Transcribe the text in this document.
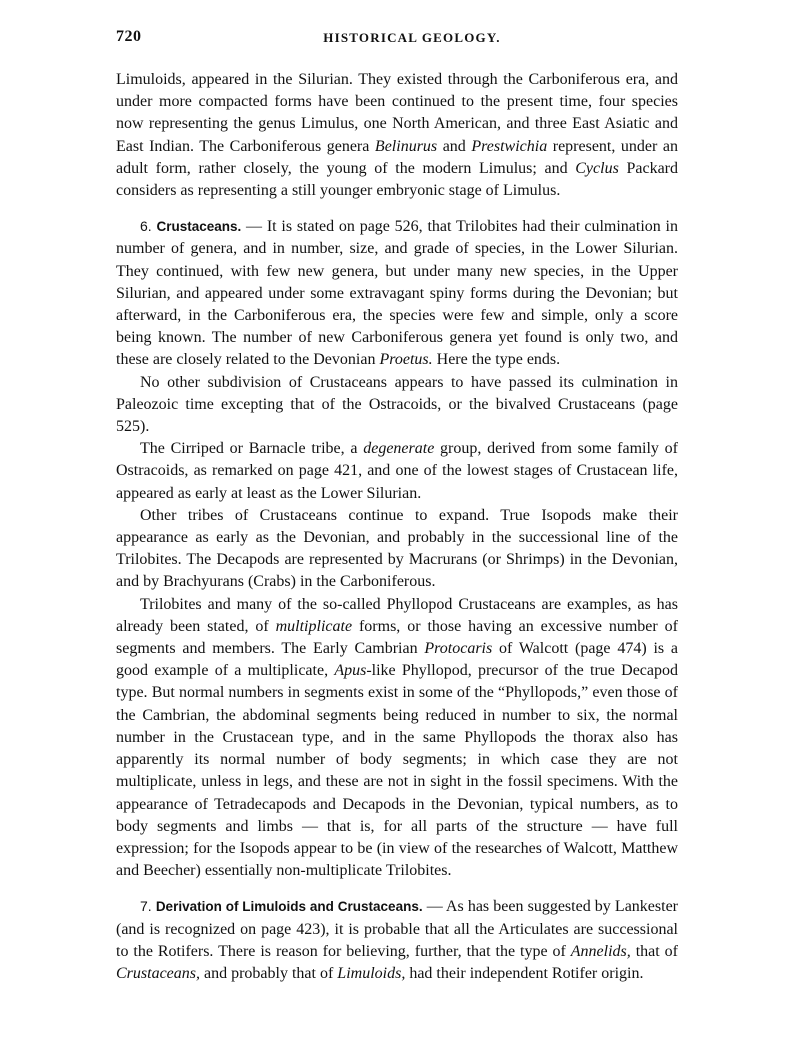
720	HISTORICAL GEOLOGY.

Limuloids, appeared in the Silurian. They existed through the Carboniferous era, and under more compacted forms have been continued to the present time, four species now representing the genus Limulus, one North American, and three East Asiatic and East Indian. The Carboniferous genera Belinurus and Prestwichia represent, under an adult form, rather closely, the young of the modern Limulus; and Cyclus Packard considers as representing a still younger embryonic stage of Limulus.

6. Crustaceans. — It is stated on page 526, that Trilobites had their culmination in number of genera, and in number, size, and grade of species, in the Lower Silurian. They continued, with few new genera, but under many new species, in the Upper Silurian, and appeared under some extravagant spiny forms during the Devonian; but afterward, in the Carboniferous era, the species were few and simple, only a score being known. The number of new Carboniferous genera yet found is only two, and these are closely related to the Devonian Proetus. Here the type ends.

No other subdivision of Crustaceans appears to have passed its culmination in Paleozoic time excepting that of the Ostracoids, or the bivalved Crustaceans (page 525).

The Cirriped or Barnacle tribe, a degenerate group, derived from some family of Ostracoids, as remarked on page 421, and one of the lowest stages of Crustacean life, appeared as early at least as the Lower Silurian.

Other tribes of Crustaceans continue to expand. True Isopods make their appearance as early as the Devonian, and probably in the successional line of the Trilobites. The Decapods are represented by Macrurans (or Shrimps) in the Devonian, and by Brachyurans (Crabs) in the Carboniferous.

Trilobites and many of the so-called Phyllopod Crustaceans are examples, as has already been stated, of multiplicate forms, or those having an excessive number of segments and members. The Early Cambrian Protocaris of Walcott (page 474) is a good example of a multiplicate, Apus-like Phyllopod, precursor of the true Decapod type. But normal numbers in segments exist in some of the “Phyllopods,” even those of the Cambrian, the abdominal segments being reduced in number to six, the normal number in the Crustacean type, and in the same Phyllopods the thorax also has apparently its normal number of body segments; in which case they are not multiplicate, unless in legs, and these are not in sight in the fossil specimens. With the appearance of Tetradecapods and Decapods in the Devonian, typical numbers, as to body segments and limbs — that is, for all parts of the structure — have full expression; for the Isopods appear to be (in view of the researches of Walcott, Matthew and Beecher) essentially non-multiplicate Trilobites.

7. Derivation of Limuloids and Crustaceans. — As has been suggested by Lankester (and is recognized on page 423), it is probable that all the Articulates are successional to the Rotifers. There is reason for believing, further, that the type of Annelids, that of Crustaceans, and probably that of Limuloids, had their independent Rotifer origin.
